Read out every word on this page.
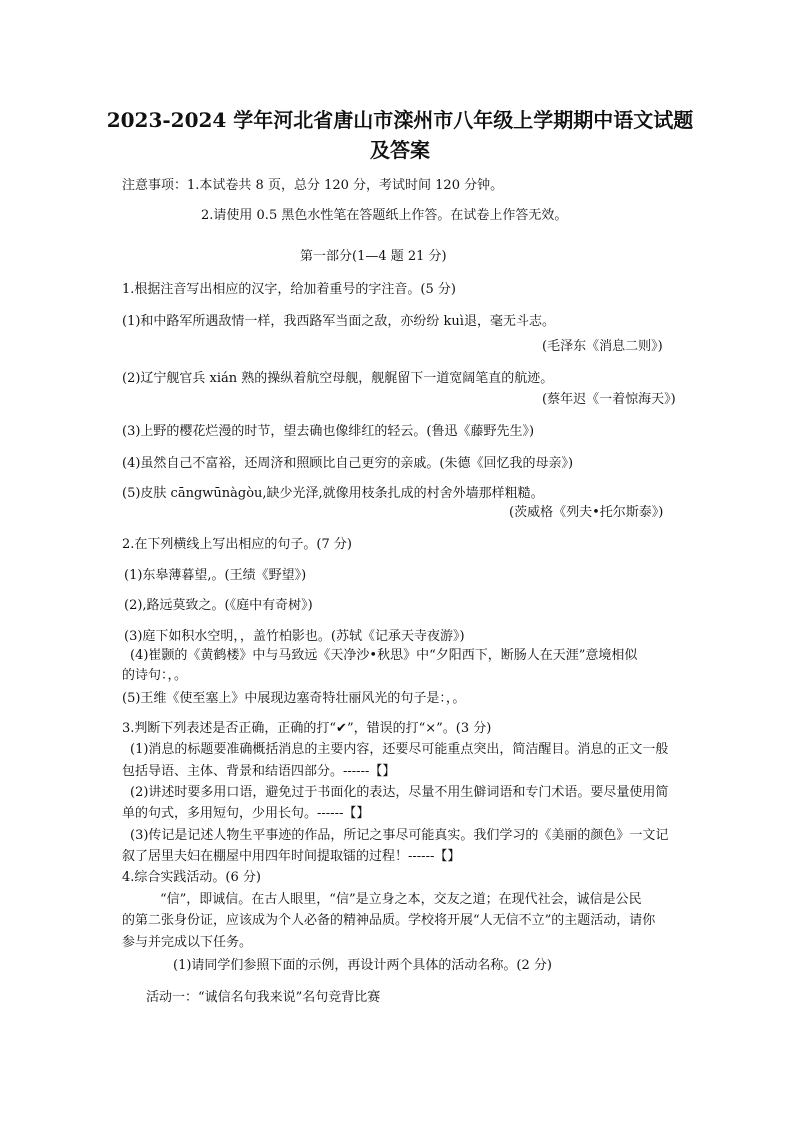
2023-2024 学年河北省唐山市滦州市八年级上学期期中语文试题
及答案
注意事项：1.本试卷共 8 页，总分 120 分，考试时间 120 分钟。
2.请使用 0.5 黑色水性笔在答题纸上作答。在试卷上作答无效。
第一部分(1—4 题 21 分)
1.根据注音写出相应的汉字，给加着重号的字注音。(5 分)
(1)和中路军所遇敌情一样，我西路军当面之敌，亦纷纷 kuì退，毫无斗志。
(毛泽东《消息二则》)
(2)辽宁舰官兵 xián 熟的操纵着航空母舰，舰艉留下一道宽阔笔直的航迹。
(蔡年迟《一着惊海天》)
(3)上野的樱花烂漫的时节，望去确也像绯红的轻云。(鲁迅《藤野先生》)
(4)虽然自己不富裕，还周济和照顾比自己更穷的亲戚。(朱德《回忆我的母亲》)
(5)皮肤 cāngwūnàgòu,缺少光泽,就像用枝条扎成的村舍外墙那样粗糙。
(茨威格《列夫•托尔斯泰》)
2.在下列横线上写出相应的句子。(7 分)
(1)东皋薄暮望,。(王绩《野望》)
(2),路远莫致之。(《庭中有奇树》)
(3)庭下如积水空明，，盖竹柏影也。(苏轼《记承天寺夜游》)
(4)崔颢的《黄鹤楼》中与马致远《天净沙•秋思》中“夕阳西下，断肠人在天涯”意境相似
的诗句：，。
(5)王维《使至塞上》中展现边塞奇特壮丽风光的句子是：，。
3.判断下列表述是否正确，正确的打“✔”，错误的打“×”。(3 分)
(1)消息的标题要准确概括消息的主要内容，还要尽可能重点突出，简洁醒目。消息的正文一般
包括导语、主体、背景和结语四部分。------【】
(2)讲述时要多用口语，避免过于书面化的表达，尽量不用生僻词语和专门术语。要尽量使用简
单的句式，多用短句，少用长句。------【】
(3)传记是记述人物生平事迹的作品，所记之事尽可能真实。我们学习的《美丽的颜色》一文记
叙了居里夫妇在棚屋中用四年时间提取镭的过程！------【】
4.综合实践活动。(6 分)
“信”，即诚信。在古人眼里，“信”是立身之本，交友之道；在现代社会，诚信是公民
的第二张身份证，应该成为个人必备的精神品质。学校将开展“人无信不立”的主题活动，请你
参与并完成以下任务。
(1)请同学们参照下面的示例，再设计两个具体的活动名称。(2 分)
活动一：“诚信名句我来说”名句竞背比赛
